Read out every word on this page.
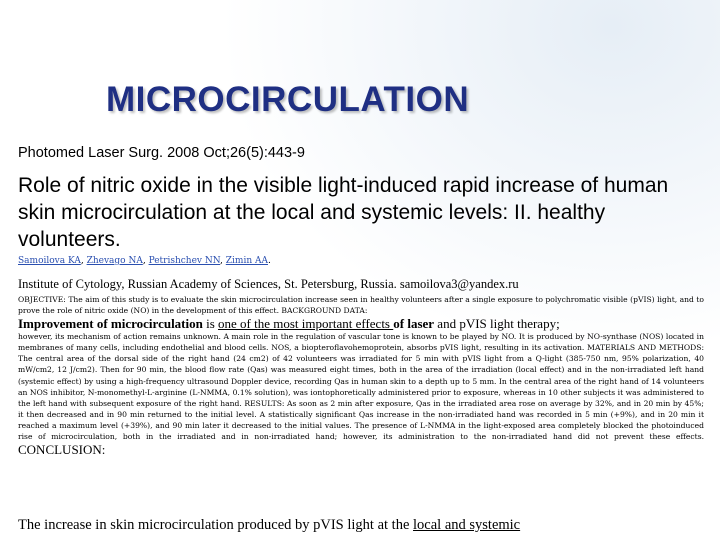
MICROCIRCULATION
Photomed Laser Surg. 2008 Oct;26(5):443-9
Role of nitric oxide in the visible light-induced rapid increase of human skin microcirculation at the local and systemic levels: II. healthy volunteers.
Samoilova KA, Zhevago NA, Petrishchev NN, Zimin AA.
Institute of Cytology, Russian Academy of Sciences, St. Petersburg, Russia. samoilova3@yandex.ru
OBJECTIVE: The aim of this study is to evaluate the skin microcirculation increase seen in healthy volunteers after a single exposure to polychromatic visible (pVIS) light, and to prove the role of nitric oxide (NO) in the development of this effect. BACKGROUND DATA:
Improvement of microcirculation is one of the most important effects of laser and pVIS light therapy;
however, its mechanism of action remains unknown. A main role in the regulation of vascular tone is known to be played by NO. It is produced by NO-synthase (NOS) located in membranes of many cells, including endothelial and blood cells. NOS, a biopteroflavohemoprotein, absorbs pVIS light, resulting in its activation. MATERIALS AND METHODS: The central area of the dorsal side of the right hand (24 cm2) of 42 volunteers was irradiated for 5 min with pVIS light from a Q-light (385-750 nm, 95% polarization, 40 mW/cm2, 12 J/cm2). Then for 90 min, the blood flow rate (Qas) was measured eight times, both in the area of the irradiation (local effect) and in the non-irradiated left hand (systemic effect) by using a high-frequency ultrasound Doppler device, recording Qas in human skin to a depth up to 5 mm. In the central area of the right hand of 14 volunteers an NOS inhibitor, N-monomethyl-L-arginine (L-NMMA, 0.1% solution), was iontophoretically administered prior to exposure, whereas in 10 other subjects it was administered to the left hand with subsequent exposure of the right hand. RESULTS: As soon as 2 min after exposure, Qas in the irradiated area rose on average by 32%, and in 20 min by 45%; it then decreased and in 90 min returned to the initial level. A statistically significant Qas increase in the non-irradiated hand was recorded in 5 min (+9%), and in 20 min it reached a maximum level (+39%), and 90 min later it decreased to the initial values. The presence of L-NMMA in the light-exposed area completely blocked the photoinduced rise of microcirculation, both in the irradiated and in non-irradiated hand; however, its administration to the non-irradiated hand did not prevent these effects. CONCLUSION:
The increase in skin microcirculation produced by pVIS light at the local and systemic
